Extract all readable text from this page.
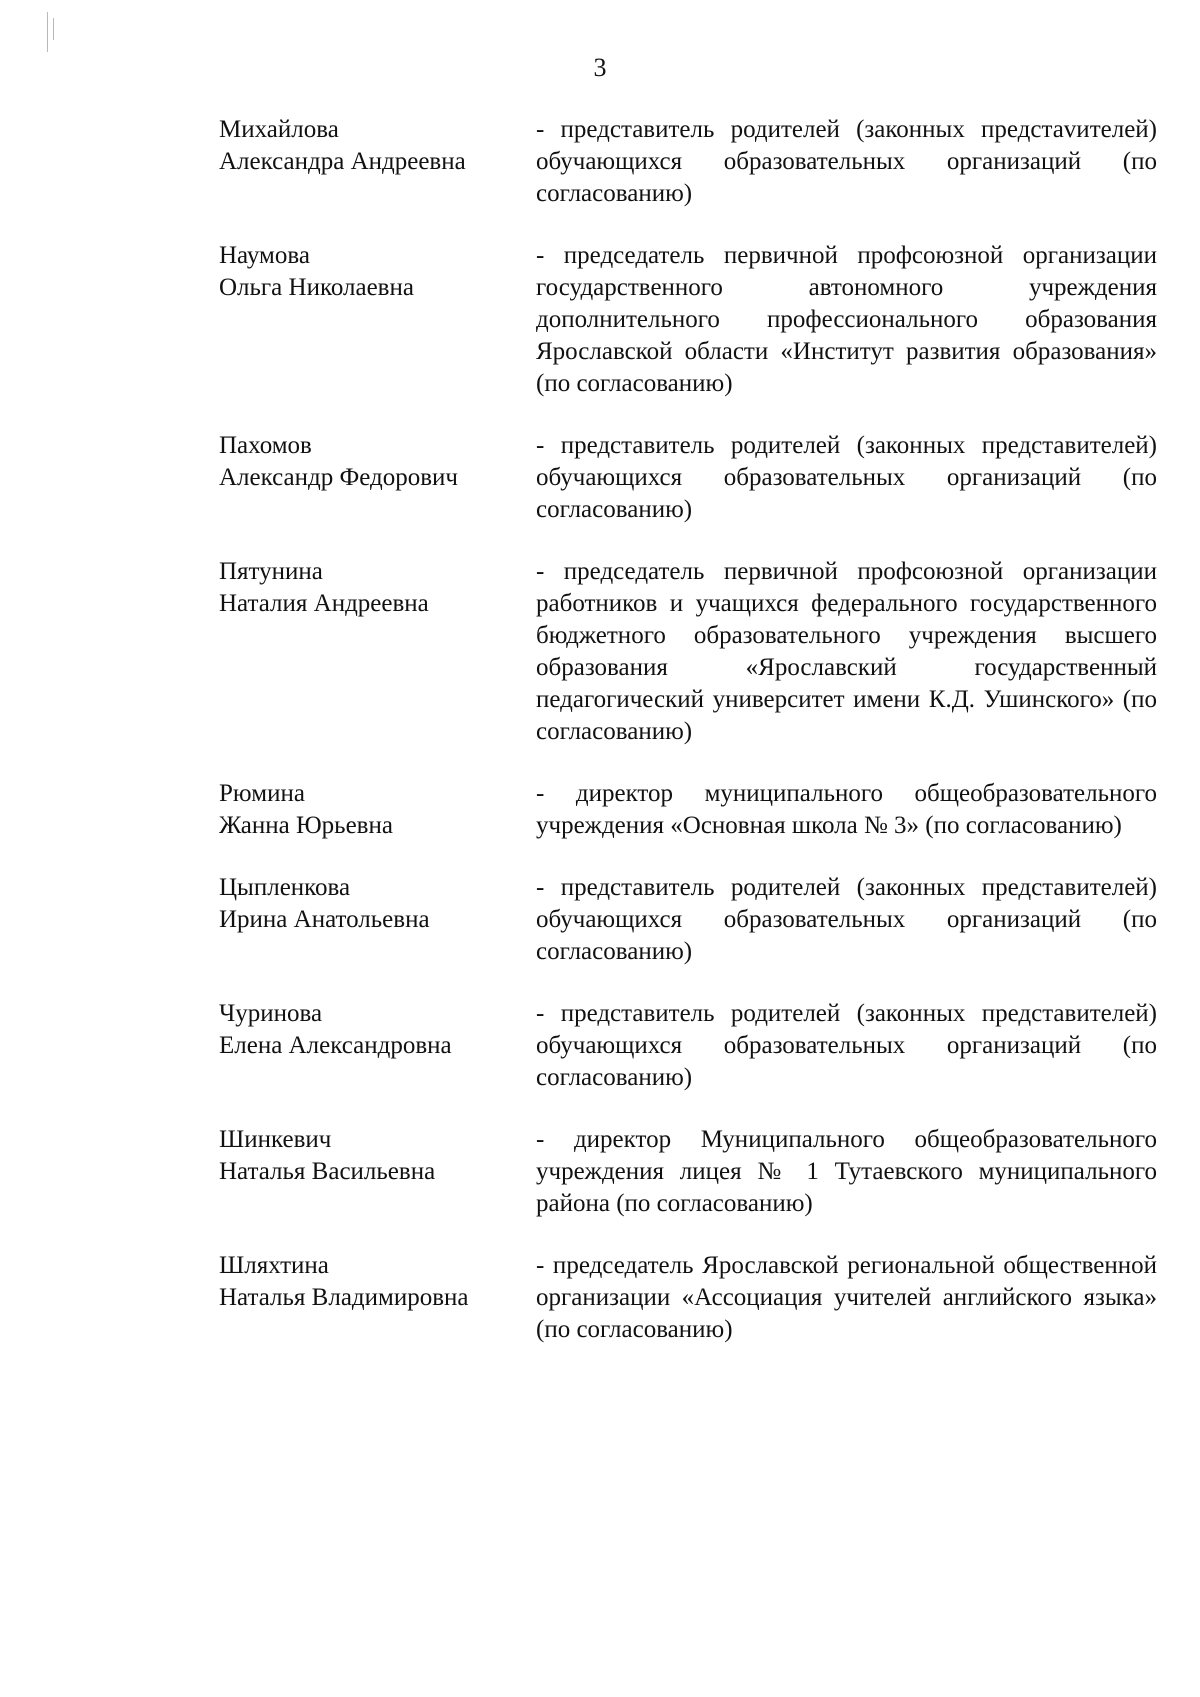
3
Михайлова
Александра Андреевна
- представитель родителей (законных предстаvителей) обучающихся образовательных организаций (по согласованию)
Наумова
Ольга Николаевна
- председатель первичной профсоюзной организации государственного автономного учреждения дополнительного профессионального образования Ярославской области «Институт развития образования» (по согласованию)
Пахомов
Александр Федорович
- представитель родителей (законных представителей) обучающихся образовательных организаций (по согласованию)
Пятунина
Наталия Андреевна
- председатель первичной профсоюзной организации работников и учащихся федерального государственного бюджетного образовательного учреждения высшего образования «Ярославский государственный педагогический университет имени К.Д. Ушинского» (по согласованию)
Рюмина
Жанна Юрьевна
- директор муниципального общеобразовательного учреждения «Основная школа № 3» (по согласованию)
Цыпленкова
Ирина Анатольевна
- представитель родителей (законных представителей) обучающихся образовательных организаций (по согласованию)
Чуринова
Елена Александровна
- представитель родителей (законных представителей) обучающихся образовательных организаций (по согласованию)
Шинкевич
Наталья Васильевна
- директор Муниципального общеобразовательного учреждения лицея № 1 Тутаевского муниципального района (по согласованию)
Шляхтина
Наталья Владимировна
- председатель Ярославской региональной общественной организации «Ассоциация учителей английского языка» (по согласованию)
